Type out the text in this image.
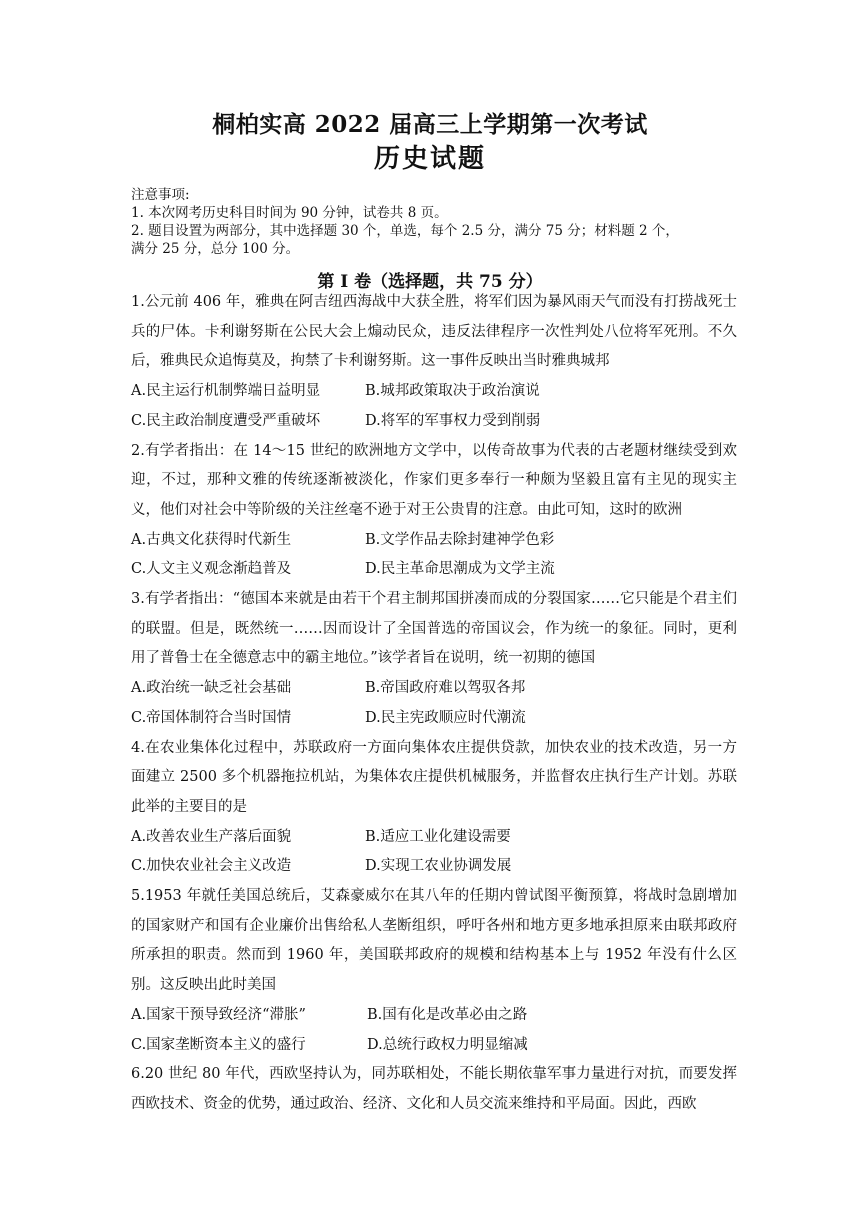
桐柏实高 2022 届高三上学期第一次考试
历史试题
注意事项:
1. 本次网考历史科目时间为 90 分钟，试卷共 8 页。
2. 题目设置为两部分，其中选择题 30 个，单选，每个 2.5 分，满分 75 分；材料题 2 个，
满分 25 分，总分 100 分。
第 I 卷（选择题，共 75 分）
1.公元前 406 年，雅典在阿吉纽西海战中大获全胜，将军们因为暴风雨天气而没有打捞战死士兵的尸体。卡利谢努斯在公民大会上煽动民众，违反法律程序一次性判处八位将军死刑。不久后，雅典民众追悔莫及，拘禁了卡利谢努斯。这一事件反映出当时雅典城邦
A.民主运行机制弊端日益明显	B.城邦政策取决于政治演说
C.民主政治制度遭受严重破坏	D.将军的军事权力受到削弱
2.有学者指出：在 14～15 世纪的欧洲地方文学中，以传奇故事为代表的古老题材继续受到欢迎，不过，那种文雅的传统逐渐被淡化，作家们更多奉行一种颇为坚毅且富有主见的现实主义，他们对社会中等阶级的关注丝毫不逊于对王公贵胄的注意。由此可知，这时的欧洲
A.古典文化获得时代新生	B.文学作品去除封建神学色彩
C.人文主义观念渐趋普及	D.民主革命思潮成为文学主流
3.有学者指出：“德国本来就是由若干个君主制邦国拼凑而成的分裂国家……它只能是个君主们的联盟。但是，既然统一……因而设计了全国普选的帝国议会，作为统一的象征。同时，更利用了普鲁士在全德意志中的霸主地位。”该学者旨在说明，统一初期的德国
A.政治统一缺乏社会基础	B.帝国政府难以驾驭各邦
C.帝国体制符合当时国情	D.民主宪政顺应时代潮流
4.在农业集体化过程中，苏联政府一方面向集体农庄提供贷款，加快农业的技术改造，另一方面建立 2500 多个机器拖拉机站，为集体农庄提供机械服务，并监督农庄执行生产计划。苏联此举的主要目的是
A.改善农业生产落后面貌	B.适应工业化建设需要
C.加快农业社会主义改造	D.实现工农业协调发展
5.1953 年就任美国总统后，艾森豪威尔在其八年的任期内曾试图平衡预算，将战时急剧增加的国家财产和国有企业廉价出售给私人垄断组织，呼吁各州和地方更多地承担原来由联邦政府所承担的职责。然而到 1960 年，美国联邦政府的规模和结构基本上与 1952 年没有什么区别。这反映出此时美国
A.国家干预导致经济“滞胀”	B.国有化是改革必由之路
C.国家垄断资本主义的盛行	D.总统行政权力明显缩减
6.20 世纪 80 年代，西欧坚持认为，同苏联相处，不能长期依靠军事力量进行对抗，而要发挥西欧技术、资金的优势，通过政治、经济、文化和人员交流来维持和平局面。因此，西欧
